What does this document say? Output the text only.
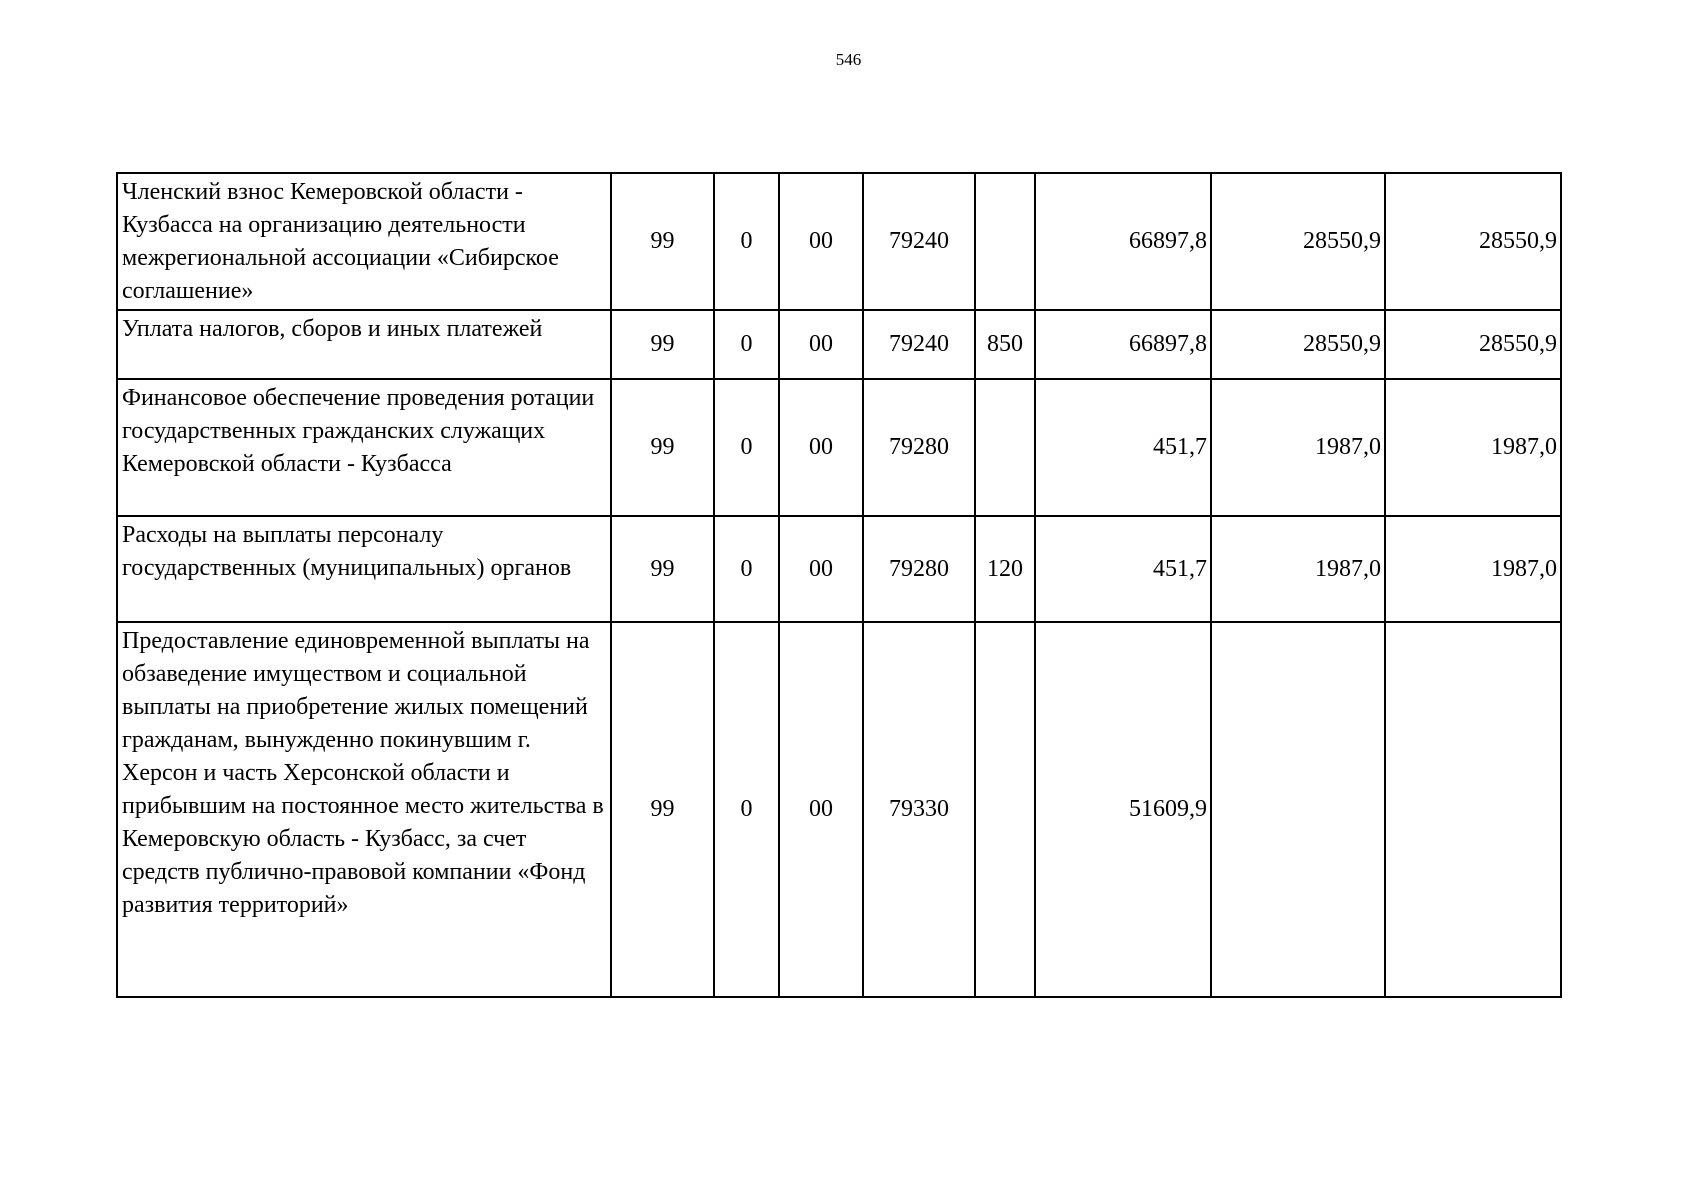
546
Членский взнос Кемеровской области - Кузбасса на организацию деятельности межрегиональной ассоциации «Сибирское соглашение»	99	0	00	79240		66897,8	28550,9	28550,9
Уплата налогов, сборов и иных платежей	99	0	00	79240	850	66897,8	28550,9	28550,9
Финансовое обеспечение проведения ротации государственных гражданских служащих Кемеровской области - Кузбасса	99	0	00	79280		451,7	1987,0	1987,0
Расходы на выплаты персоналу государственных (муниципальных) органов	99	0	00	79280	120	451,7	1987,0	1987,0
Предоставление единовременной выплаты на обзаведение имуществом и социальной выплаты на приобретение жилых помещений гражданам, вынужденно покинувшим г. Херсон и часть Херсонской области и прибывшим на постоянное место жительства в Кемеровскую область - Кузбасс, за счет средств публично-правовой компании «Фонд развития территорий»	99	0	00	79330		51609,9		
